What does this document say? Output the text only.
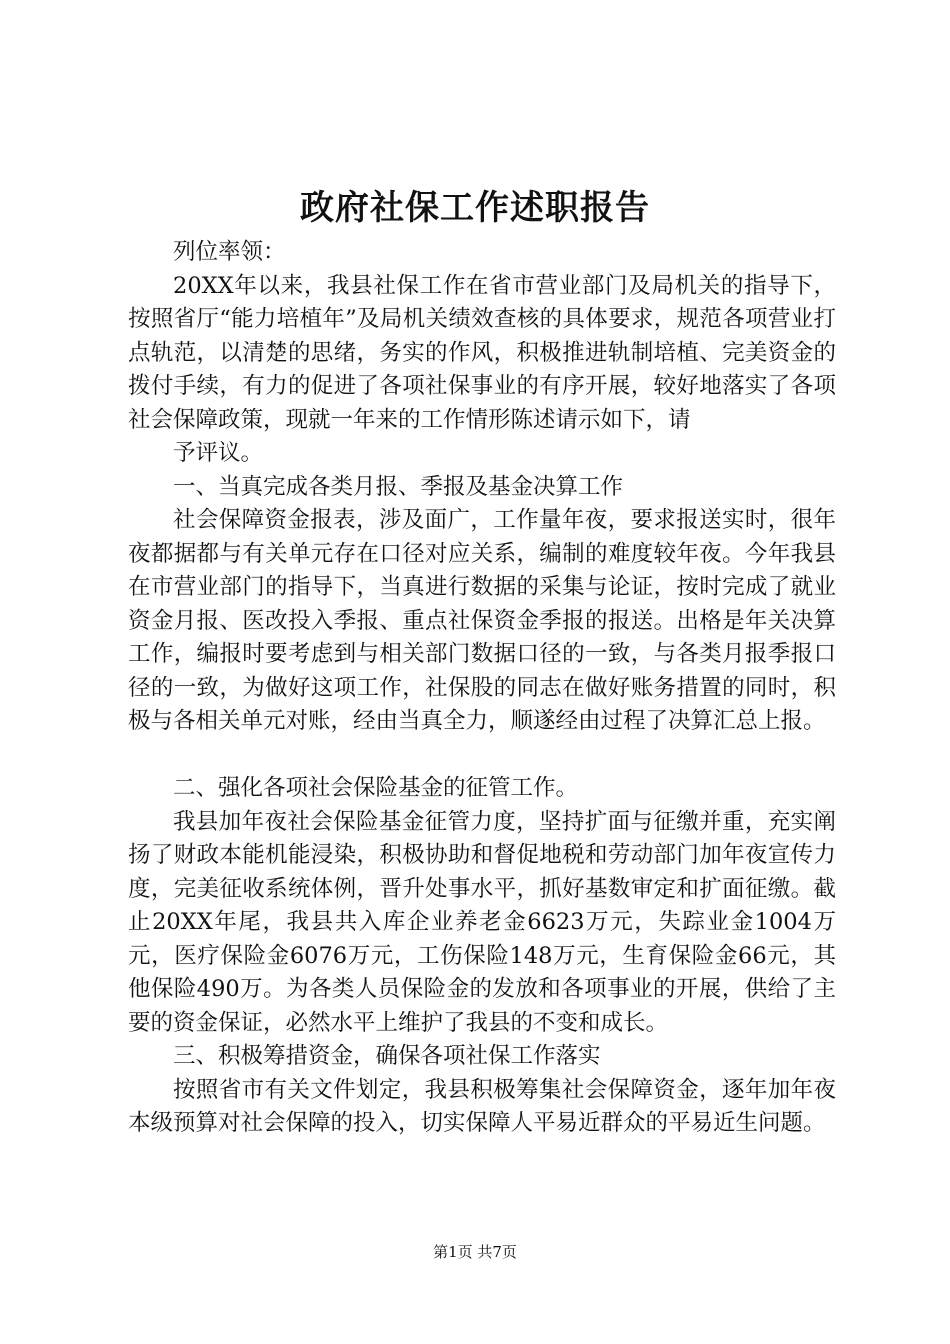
政府社保工作述职报告

列位率领：

20XX年以来，我县社保工作在省市营业部门及局机关的指导下，按照省厅“能力培植年”及局机关绩效查核的具体要求，规范各项营业打点轨范，以清楚的思绪，务实的作风，积极推进轨制培植、完美资金的拨付手续，有力的促进了各项社保事业的有序开展，较好地落实了各项社会保障政策，现就一年来的工作情形陈述请示如下，请

予评议。

一、当真完成各类月报、季报及基金决算工作

社会保障资金报表，涉及面广，工作量年夜，要求报送实时，很年夜都据都与有关单元存在口径对应关系，编制的难度较年夜。今年我县在市营业部门的指导下，当真进行数据的采集与论证，按时完成了就业资金月报、医改投入季报、重点社保资金季报的报送。出格是年关决算工作，编报时要考虑到与相关部门数据口径的一致，与各类月报季报口径的一致，为做好这项工作，社保股的同志在做好账务措置的同时，积极与各相关单元对账，经由当真全力，顺遂经由过程了决算汇总上报。

二、强化各项社会保险基金的征管工作。

我县加年夜社会保险基金征管力度，坚持扩面与征缴并重，充实阐扬了财政本能机能浸染，积极协助和督促地税和劳动部门加年夜宣传力度，完美征收系统体例，晋升处事水平，抓好基数审定和扩面征缴。截止20XX年尾，我县共入库企业养老金6623万元，失踪业金1004万元，医疗保险金6076万元，工伤保险148万元，生育保险金66元，其他保险490万。为各类人员保险金的发放和各项事业的开展，供给了主要的资金保证，必然水平上维护了我县的不变和成长。

三、积极筹措资金，确保各项社保工作落实

按照省市有关文件划定，我县积极筹集社会保障资金，逐年加年夜本级预算对社会保障的投入，切实保障人平易近群众的平易近生问题。

第1页 共7页
